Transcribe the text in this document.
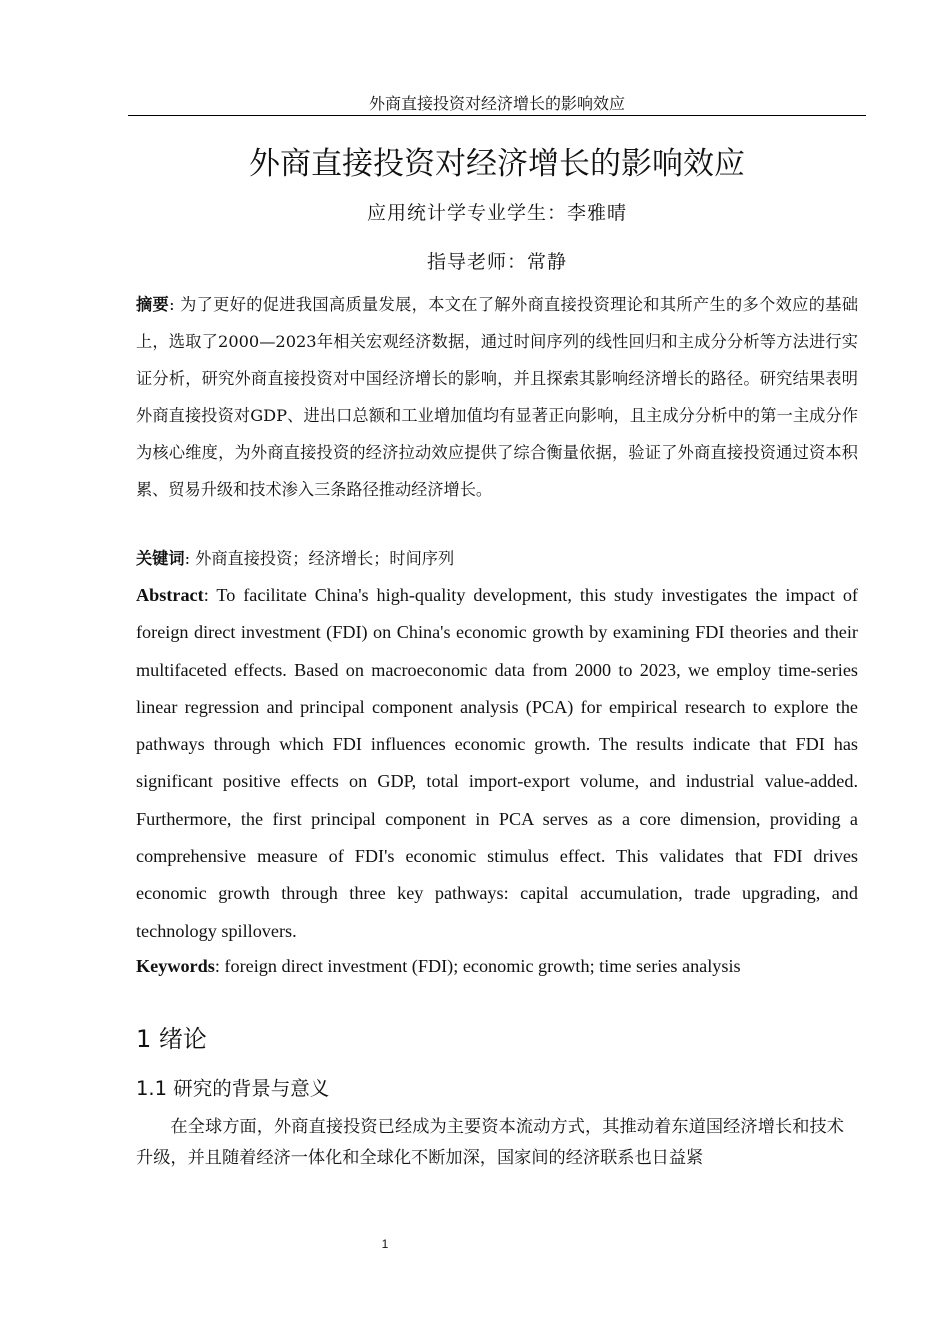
外商直接投资对经济增长的影响效应
外商直接投资对经济增长的影响效应
应用统计学专业学生：李雅晴
指导老师：常静

摘要: 为了更好的促进我国高质量发展，本文在了解外商直接投资理论和其所产生的多个效应的基础上，选取了2000—2023年相关宏观经济数据，通过时间序列的线性回归和主成分分析等方法进行实证分析，研究外商直接投资对中国经济增长的影响，并且探索其影响经济增长的路径。研究结果表明外商直接投资对GDP、进出口总额和工业增加值均有显著正向影响，且主成分分析中的第一主成分作为核心维度，为外商直接投资的经济拉动效应提供了综合衡量依据，验证了外商直接投资通过资本积累、贸易升级和技术渗入三条路径推动经济增长。

关键词: 外商直接投资；经济增长；时间序列

Abstract: To facilitate China's high-quality development, this study investigates the impact of foreign direct investment (FDI) on China's economic growth by examining FDI theories and their multifaceted effects. Based on macroeconomic data from 2000 to 2023, we employ time-series linear regression and principal component analysis (PCA) for empirical research to explore the pathways through which FDI influences economic growth. The results indicate that FDI has significant positive effects on GDP, total import-export volume, and industrial value-added. Furthermore, the first principal component in PCA serves as a core dimension, providing a comprehensive measure of FDI's economic stimulus effect. This validates that FDI drives economic growth through three key pathways: capital accumulation, trade upgrading, and technology spillovers.

Keywords: foreign direct investment (FDI); economic growth; time series analysis

1 绪论
1.1 研究的背景与意义

在全球方面，外商直接投资已经成为主要资本流动方式，其推动着东道国经济增长和技术升级，并且随着经济一体化和全球化不断加深，国家间的经济联系也日益紧

1
